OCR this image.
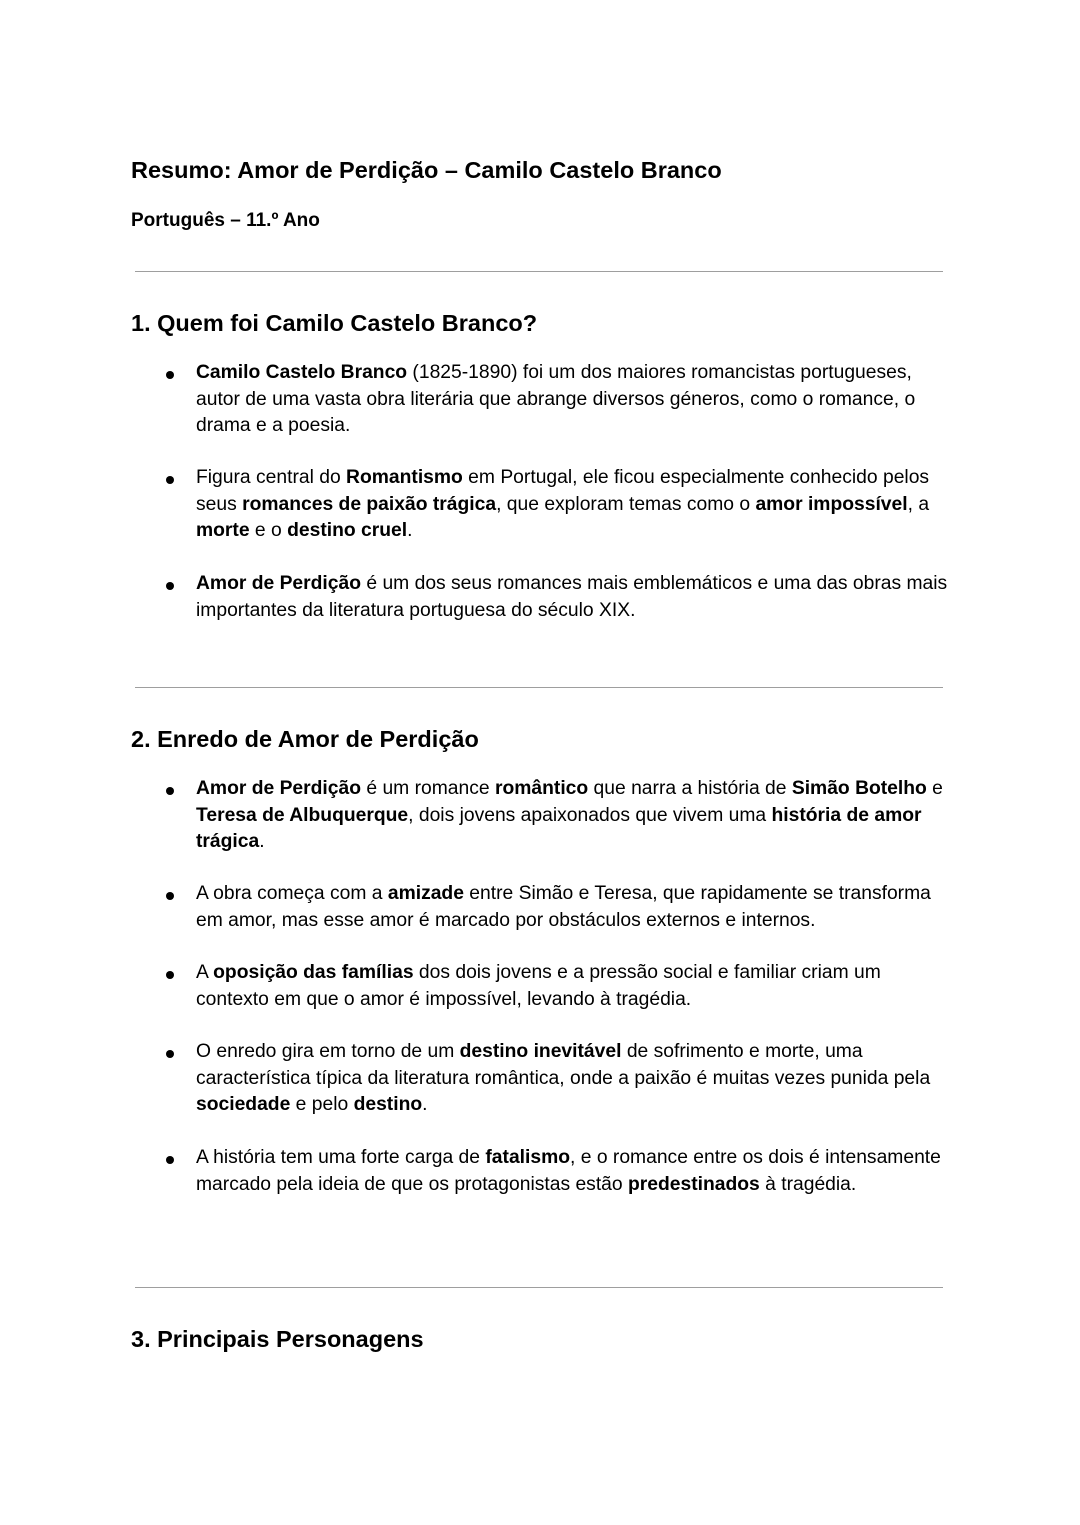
Resumo: Amor de Perdição – Camilo Castelo Branco

Português – 11.º Ano

1. Quem foi Camilo Castelo Branco?
Camilo Castelo Branco (1825-1890) foi um dos maiores romancistas portugueses, autor de uma vasta obra literária que abrange diversos géneros, como o romance, o drama e a poesia.
Figura central do Romantismo em Portugal, ele ficou especialmente conhecido pelos seus romances de paixão trágica, que exploram temas como o amor impossível, a morte e o destino cruel.
Amor de Perdição é um dos seus romances mais emblemáticos e uma das obras mais importantes da literatura portuguesa do século XIX.
2. Enredo de Amor de Perdição
Amor de Perdição é um romance romântico que narra a história de Simão Botelho e Teresa de Albuquerque, dois jovens apaixonados que vivem uma história de amor trágica.
A obra começa com a amizade entre Simão e Teresa, que rapidamente se transforma em amor, mas esse amor é marcado por obstáculos externos e internos.
A oposição das famílias dos dois jovens e a pressão social e familiar criam um contexto em que o amor é impossível, levando à tragédia.
O enredo gira em torno de um destino inevitável de sofrimento e morte, uma característica típica da literatura romântica, onde a paixão é muitas vezes punida pela sociedade e pelo destino.
A história tem uma forte carga de fatalismo, e o romance entre os dois é intensamente marcado pela ideia de que os protagonistas estão predestinados à tragédia.
3. Principais Personagens
